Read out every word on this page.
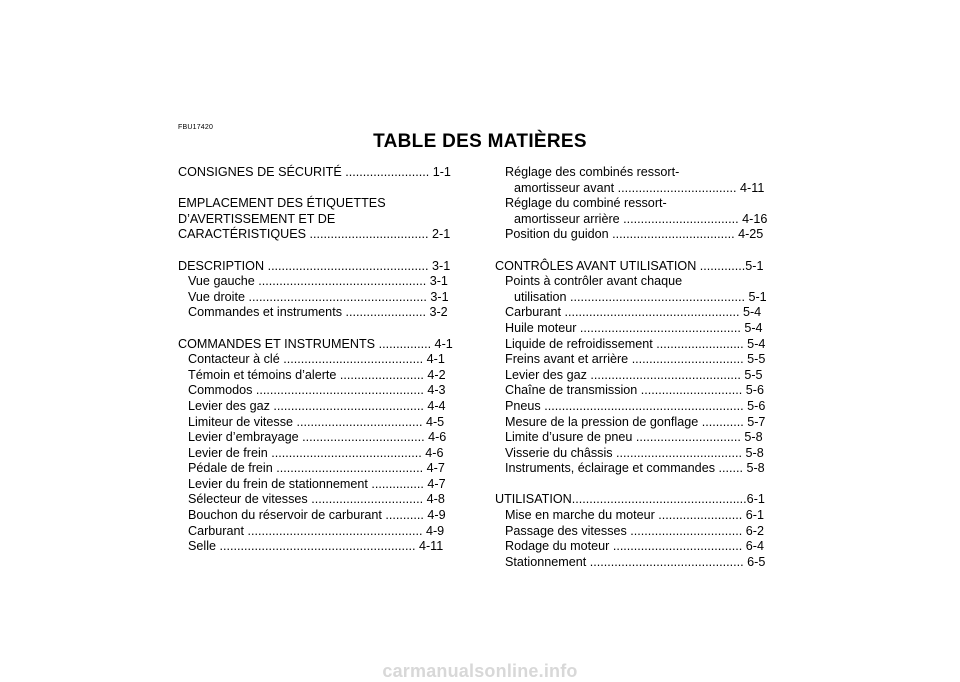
FBU17420
TABLE DES MATIÈRES
CONSIGNES DE SÉCURITÉ ........................ 1-1
EMPLACEMENT DES ÉTIQUETTES
D’AVERTISSEMENT ET DE
CARACTÉRISTIQUES .................................. 2-1
DESCRIPTION .............................................. 3-1
Vue gauche ................................................ 3-1
Vue droite ................................................... 3-1
Commandes et instruments ....................... 3-2
COMMANDES ET INSTRUMENTS ............... 4-1
Contacteur à clé ........................................ 4-1
Témoin et témoins d’alerte ........................ 4-2
Commodos ................................................ 4-3
Levier des gaz ........................................... 4-4
Limiteur de vitesse .................................... 4-5
Levier d’embrayage ................................... 4-6
Levier de frein ........................................... 4-6
Pédale de frein .......................................... 4-7
Levier du frein de stationnement ............... 4-7
Sélecteur de vitesses ................................ 4-8
Bouchon du réservoir de carburant ........... 4-9
Carburant .................................................. 4-9
Selle ........................................................ 4-11
Réglage des combinés ressort-
amortisseur avant .................................. 4-11
Réglage du combiné ressort-
amortisseur arrière ................................. 4-16
Position du guidon ................................... 4-25
CONTRÔLES AVANT UTILISATION .............5-1
Points à contrôler avant chaque
utilisation .................................................. 5-1
Carburant .................................................. 5-4
Huile moteur .............................................. 5-4
Liquide de refroidissement ......................... 5-4
Freins avant et arrière ................................ 5-5
Levier des gaz ........................................... 5-5
Chaîne de transmission ............................. 5-6
Pneus ......................................................... 5-6
Mesure de la pression de gonflage ............ 5-7
Limite d’usure de pneu .............................. 5-8
Visserie du châssis .................................... 5-8
Instruments, éclairage et commandes ....... 5-8
UTILISATION..................................................6-1
Mise en marche du moteur ........................ 6-1
Passage des vitesses ................................ 6-2
Rodage du moteur ..................................... 6-4
Stationnement ............................................ 6-5
carmanualsonline.info
